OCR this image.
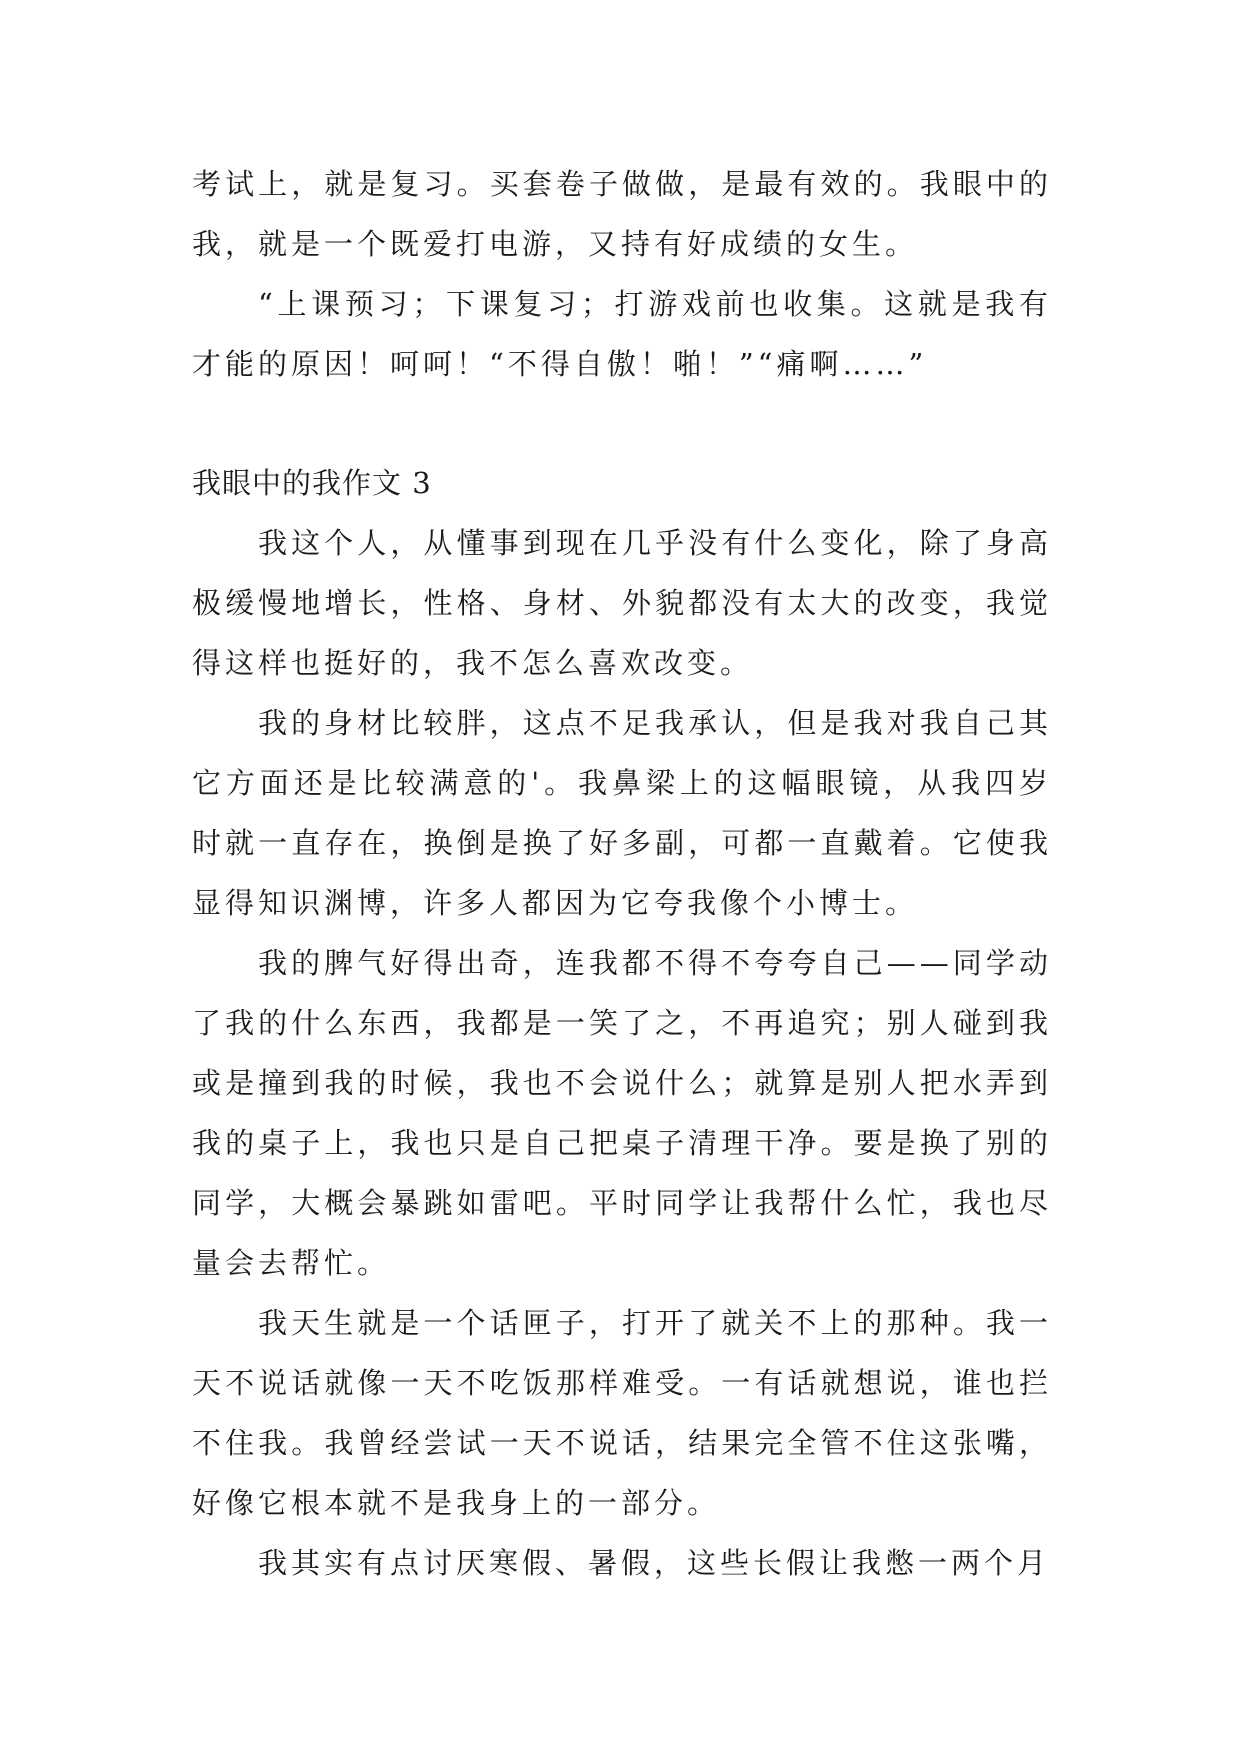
考试上，就是复习。买套卷子做做，是最有效的。我眼中的我，就是一个既爱打电游，又持有好成绩的女生。

“上课预习；下课复习；打游戏前也收集。这就是我有才能的原因！呵呵！“不得自傲！啪！”“痛啊……”

我眼中的我作文 3

我这个人，从懂事到现在几乎没有什么变化，除了身高极缓慢地增长，性格、身材、外貌都没有太大的改变，我觉得这样也挺好的，我不怎么喜欢改变。

我的身材比较胖，这点不足我承认，但是我对我自己其它方面还是比较满意的'。我鼻梁上的这幅眼镜，从我四岁时就一直存在，换倒是换了好多副，可都一直戴着。它使我显得知识渊博，许多人都因为它夸我像个小博士。

我的脾气好得出奇，连我都不得不夸夸自己——同学动了我的什么东西，我都是一笑了之，不再追究；别人碰到我或是撞到我的时候，我也不会说什么；就算是别人把水弄到我的桌子上，我也只是自己把桌子清理干净。要是换了别的同学，大概会暴跳如雷吧。平时同学让我帮什么忙，我也尽量会去帮忙。

我天生就是一个话匣子，打开了就关不上的那种。我一天不说话就像一天不吃饭那样难受。一有话就想说，谁也拦不住我。我曾经尝试一天不说话，结果完全管不住这张嘴，好像它根本就不是我身上的一部分。

我其实有点讨厌寒假、暑假，这些长假让我憋一两个月
